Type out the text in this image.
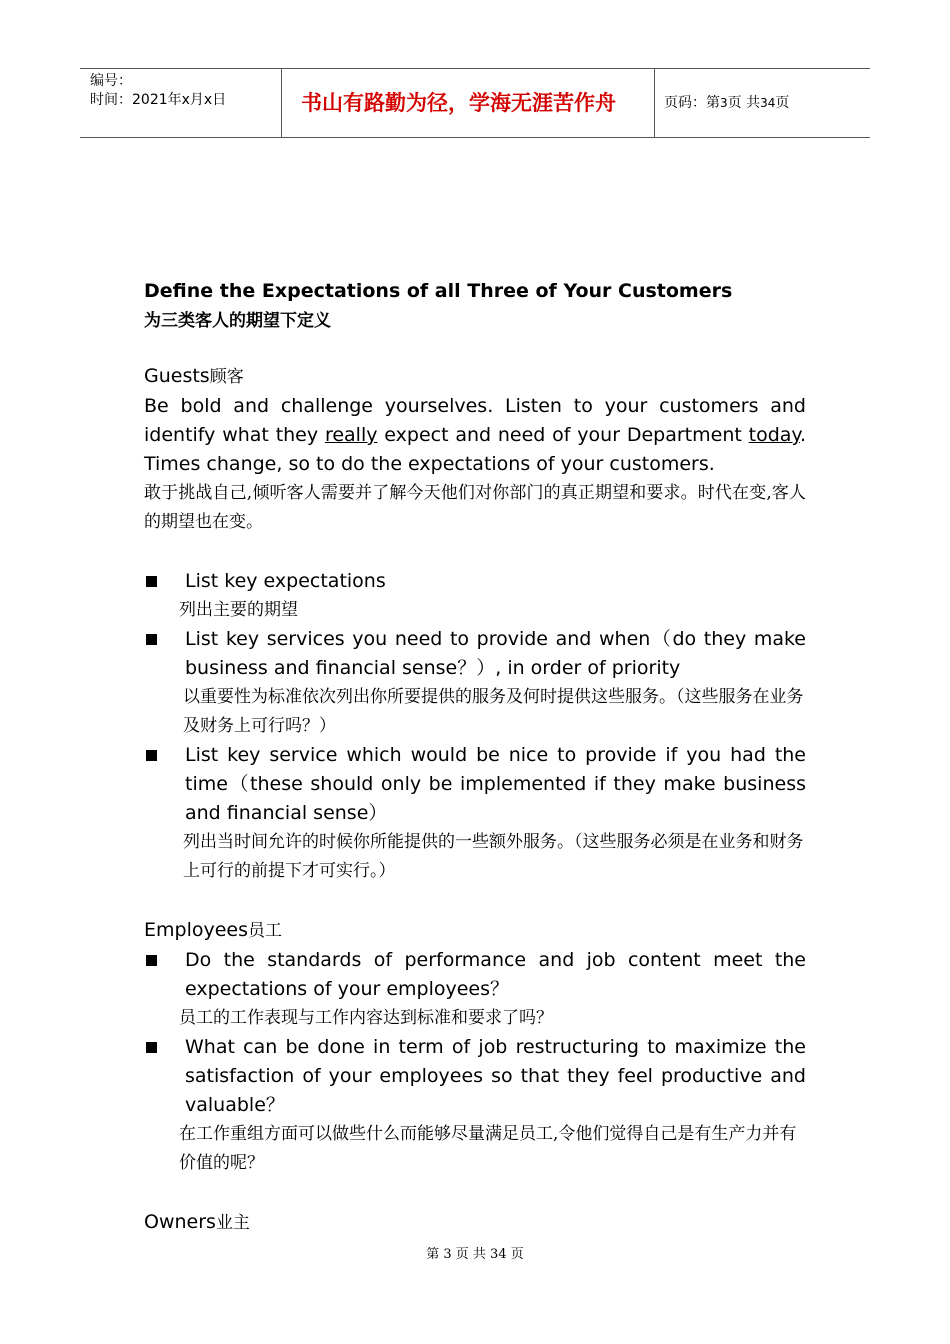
编号：
时间：2021年x月x日	书山有路勤为径，学海无涯苦作舟	页码：第3页 共34页
Define the Expectations of all Three of Your Customers
为三类客人的期望下定义
Guests顾客
Be bold and challenge yourselves. Listen to your customers and identify what they really expect and need of your Department today. Times change, so to do the expectations of your customers.
敢于挑战自己,倾听客人需要并了解今天他们对你部门的真正期望和要求。时代在变,客人的期望也在变。
List key expectations
列出主要的期望
List key services you need to provide and when（do they make business and financial sense？）, in order of priority
以重要性为标准依次列出你所要提供的服务及何时提供这些服务。（这些服务在业务及财务上可行吗？）
List key service which would be nice to provide if you had the time（these should only be implemented if they make business and financial sense）
列出当时间允许的时候你所能提供的一些额外服务。（这些服务必须是在业务和财务上可行的前提下才可实行。）
Employees员工
Do the standards of performance and job content meet the expectations of your employees？
员工的工作表现与工作内容达到标准和要求了吗？
What can be done in term of job restructuring to maximize the satisfaction of your employees so that they feel productive and valuable？
在工作重组方面可以做些什么而能够尽量满足员工,令他们觉得自己是有生产力并有价值的呢？
Owners业主
第 3 页 共 34 页
